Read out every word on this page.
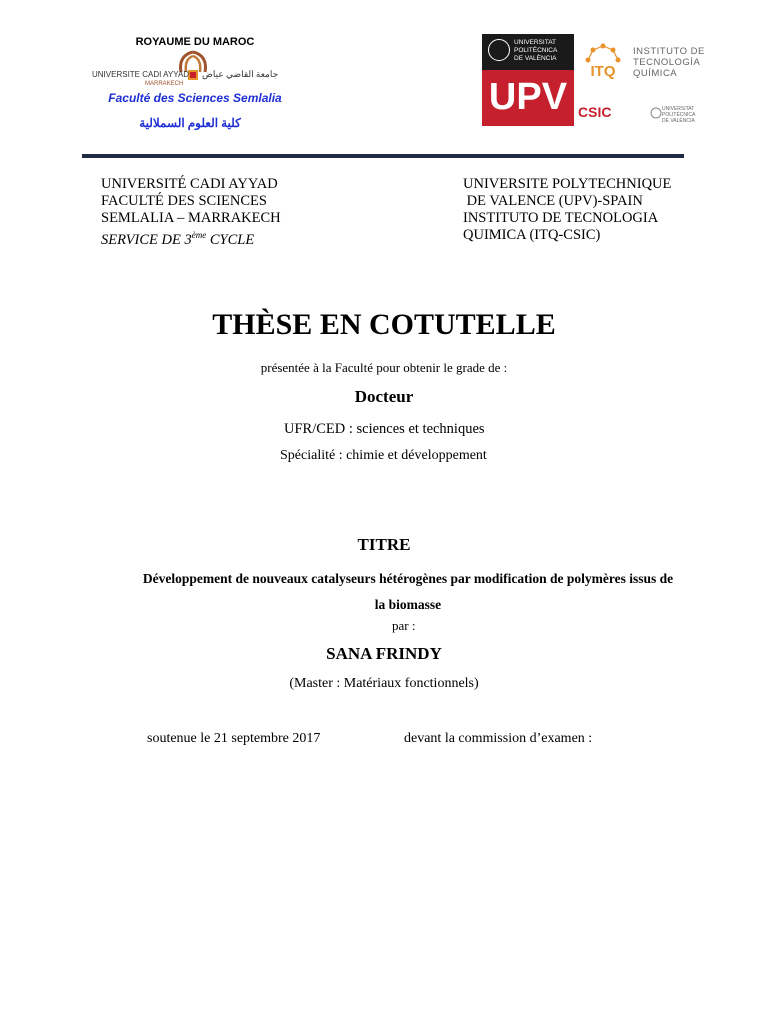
ROYAUME DU MAROC
UNIVERSITE CADI AYYAD
MARRAKECH
جامعة القاضي عياض
Faculté des Sciences Semlalia
كلية العلوم السملالية
UNIVERSITAT
POLITÈCNICA
DE VALÈNCIA
UPV
ITQ
INSTITUTO DE
TECNOLOGÍA
QUÍMICA
CSIC	UNIVERSITAT
POLITÈCNICA
DE VALÈNCIA
UNIVERSITÉ CADI AYYAD
FACULTÉ DES SCIENCES
SEMLALIA – MARRAKECH
SERVICE DE 3ème CYCLE
UNIVERSITE POLYTECHNIQUE
DE VALENCE (UPV)-SPAIN
INSTITUTO DE TECNOLOGIA
QUIMICA (ITQ-CSIC)
THÈSE EN COTUTELLE
présentée à la Faculté pour obtenir le grade de :
Docteur
UFR/CED : sciences et techniques
Spécialité : chimie et développement
TITRE
Développement de nouveaux catalyseurs hétérogènes par modification de polymères issus de
la biomasse
par :
SANA FRINDY
(Master : Matériaux fonctionnels)
soutenue le 21 septembre 2017	devant la commission d’examen :
